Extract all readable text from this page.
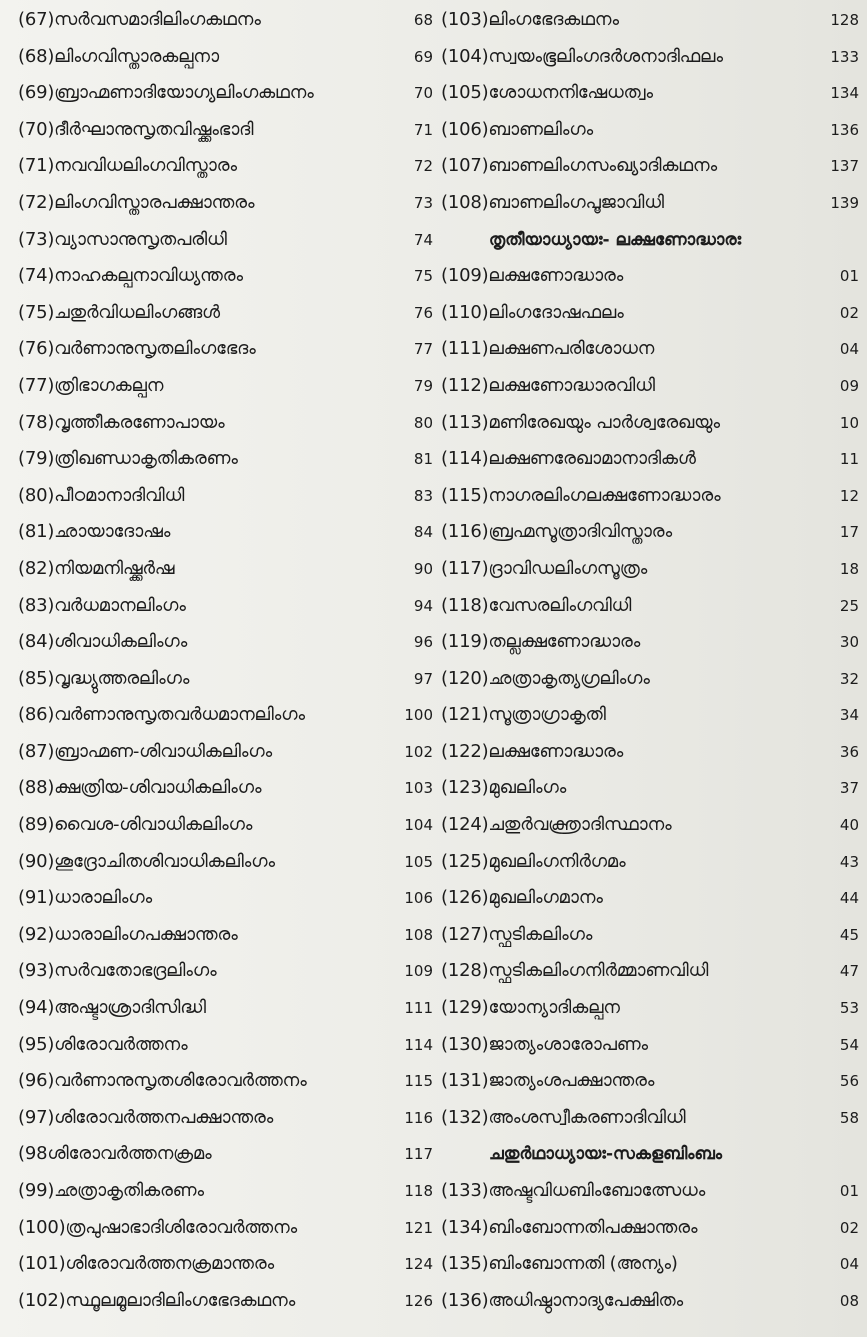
(67)സർവസമാദിലിംഗകഥനം	68
(68)ലിംഗവിസ്താരകല്പനാ	69
(69)ബ്രാഹ്മണാദിയോഗ്യലിംഗകഥനം	70
(70)ദീർഘാനുസൃതവിഷ്ക്കംഭാദി	71
(71)നവവിധലിംഗവിസ്താരം	72
(72)ലിംഗവിസ്താരപക്ഷാന്തരം	73
(73)വ്യാസാനുസൃതപരിധി	74
(74)നാഹകല്പനാവിധ്യന്തരം	75
(75)ചതുർവിധലിംഗങ്ങൾ	76
(76)വർണാനുസൃതലിംഗഭേദം	77
(77)ത്രിഭാഗകല്പന	79
(78)വൃത്തീകരണോപായം	80
(79)ത്രിഖണ്ഡാകൃതികരണം	81
(80)പീഠമാനാദിവിധി	83
(81)ഛായാദോഷം	84
(82)നിയമനിഷ്ക്കർഷ	90
(83)വർധമാനലിംഗം	94
(84)ശിവാധികലിംഗം	96
(85)വൃദ്ധ്യുത്തരലിംഗം	97
(86)വർണാനുസൃതവർധമാനലിംഗം	100
(87)ബ്രാഹ്മണ-ശിവാധികലിംഗം	102
(88)ക്ഷത്രിയ-ശിവാധികലിംഗം	103
(89)വൈശ-ശിവാധികലിംഗം	104
(90)ശൂദ്രോചിതശിവാധികലിംഗം	105
(91)ധാരാലിംഗം	106
(92)ധാരാലിംഗപക്ഷാന്തരം	108
(93)സർവതോഭദ്രലിംഗം	109
(94)അഷ്ടാശ്രാദിസിദ്ധി	111
(95)ശിരോവർത്തനം	114
(96)വർണാനുസൃതശിരോവർത്തനം	115
(97)ശിരോവർത്തനപക്ഷാന്തരം	116
(98ശിരോവർത്തനക്രമം	117
(99)ഛത്രാകൃതികരണം	118
(100)ത്രപുഷാഭാദിശിരോവർത്തനം	121
(101)ശിരോവർത്തനക്രമാന്തരം	124
(102)സ്ഥൂലമൂലാദിലിംഗഭേദകഥനം	126
(103)ലിംഗഭേദകഥനം	128
(104)സ്വയംഭൂലിംഗദർശനാദിഫലം	133
(105)ശോധനനിഷേധത്വം	134
(106)ബാണലിംഗം	136
(107)ബാണലിംഗസംഖ്യാദികഥനം	137
(108)ബാണലിംഗപൂജാവിധി	139
തൃതീയാധ്യായഃ- ലക്ഷണോദ്ധാരഃ
(109)ലക്ഷണോദ്ധാരം	01
(110)ലിംഗദോഷഫലം	02
(111)ലക്ഷണപരിശോധന	04
(112)ലക്ഷണോദ്ധാരവിധി	09
(113)മണിരേഖയും പാർശ്വരേഖയും	10
(114)ലക്ഷണരേഖാമാനാദികൾ	11
(115)നാഗരലിംഗലക്ഷണോദ്ധാരം	12
(116)ബ്രഹ്മസൂത്രാദിവിസ്താരം	17
(117)ദ്രാവിഡലിംഗസൂത്രം	18
(118)വേസരലിംഗവിധി	25
(119)തല്ലക്ഷണോദ്ധാരം	30
(120)ഛത്രാകൃത്യഗ്രലിംഗം	32
(121)സൂത്രാഗ്രാകൃതി	34
(122)ലക്ഷണോദ്ധാരം	36
(123)മുഖലിംഗം	37
(124)ചതുർവക്ത്രാദിസ്ഥാനം	40
(125)മുഖലിംഗനിർഗമം	43
(126)മുഖലിംഗമാനം	44
(127)സ്ഫടികലിംഗം	45
(128)സ്ഫടികലിംഗനിർമ്മാണവിധി	47
(129)യോന്യാദികല്പന	53
(130)ജാത്യംശാരോപണം	54
(131)ജാത്യംശപക്ഷാന്തരം	56
(132)അംശസ്വീകരണാദിവിധി	58
ചതുർഥാധ്യായഃ-സകളബിംബം
(133)അഷ്ടവിധബിംബോത്സേധം	01
(134)ബിംബോന്നതിപക്ഷാന്തരം	02
(135)ബിംബോന്നതി (അന്യം)	04
(136)അധിഷ്ഠാനാദ്യപേക്ഷിതം	08
